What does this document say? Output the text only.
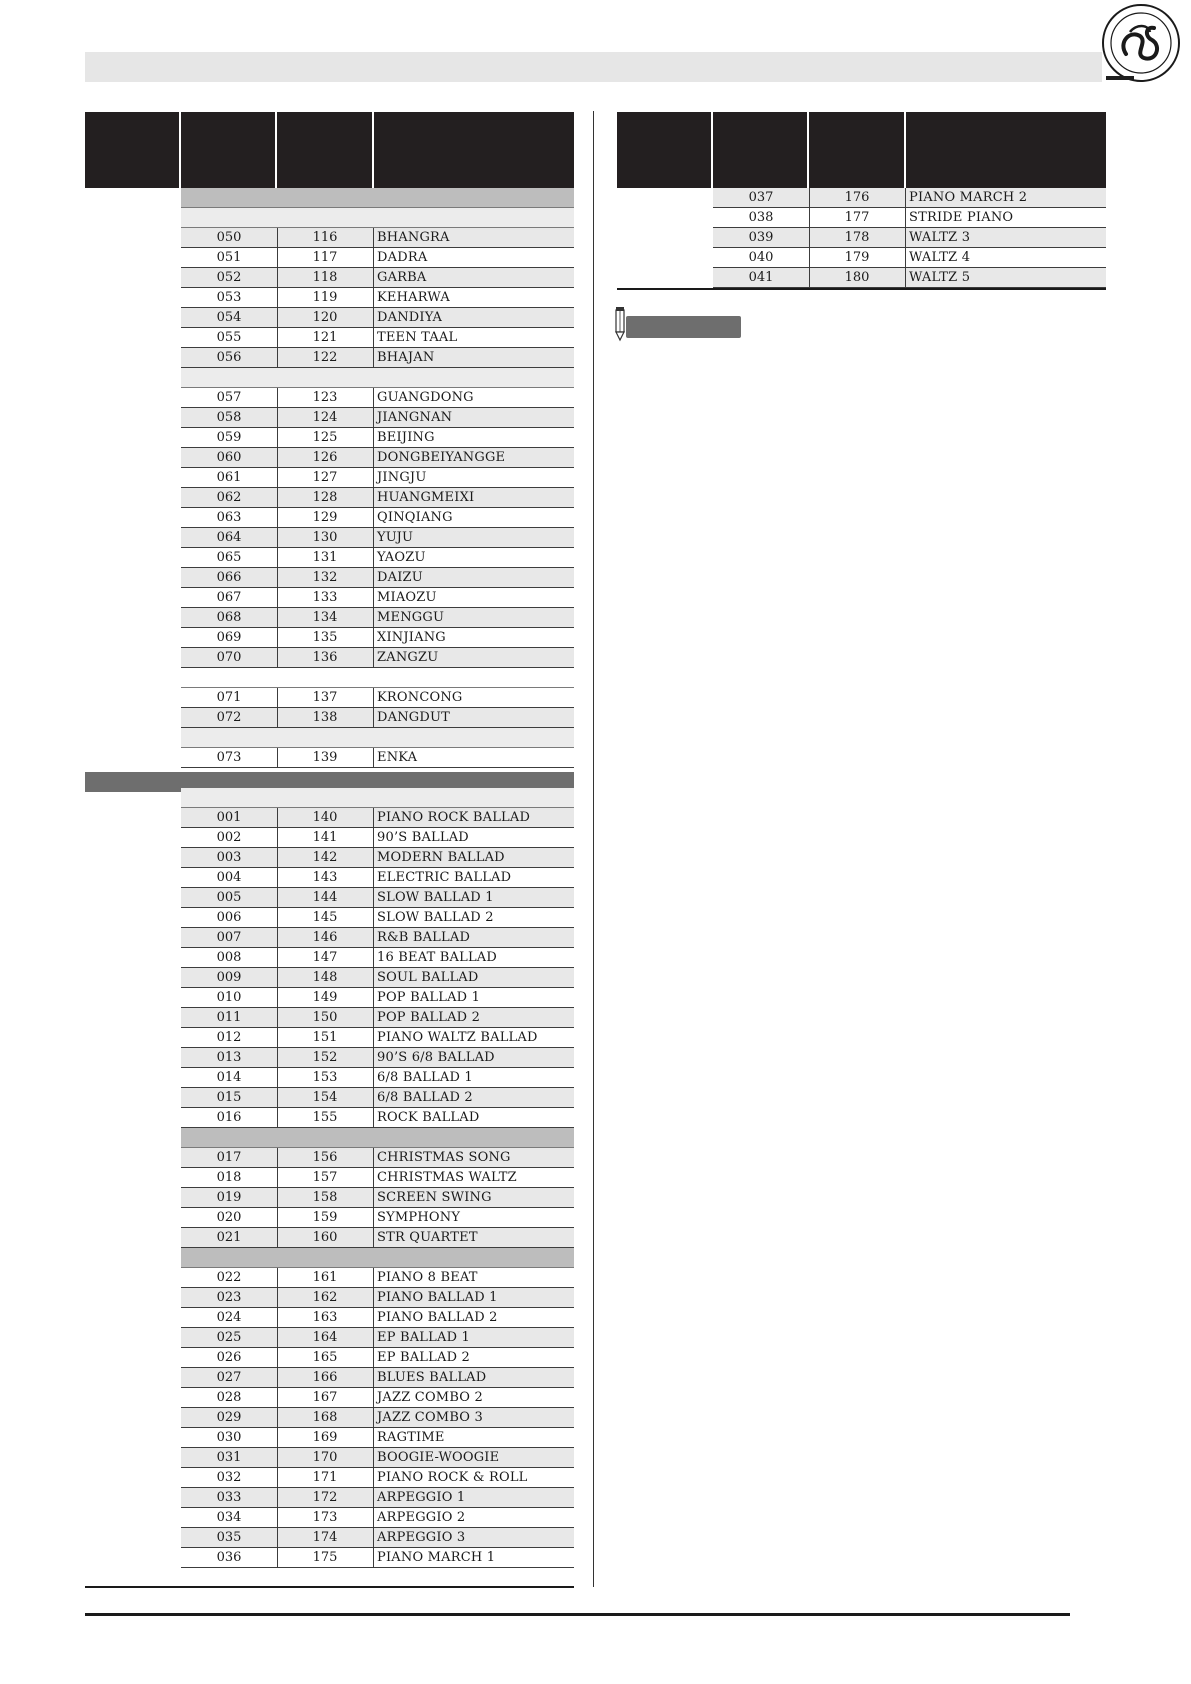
050	116	BHANGRA
051	117	DADRA
052	118	GARBA
053	119	KEHARWA
054	120	DANDIYA
055	121	TEEN TAAL
056	122	BHAJAN
057	123	GUANGDONG
058	124	JIANGNAN
059	125	BEIJING
060	126	DONGBEIYANGGE
061	127	JINGJU
062	128	HUANGMEIXI
063	129	QINQIANG
064	130	YUJU
065	131	YAOZU
066	132	DAIZU
067	133	MIAOZU
068	134	MENGGU
069	135	XINJIANG
070	136	ZANGZU
071	137	KRONCONG
072	138	DANGDUT
073	139	ENKA
001	140	PIANO ROCK BALLAD
002	141	90’S BALLAD
003	142	MODERN BALLAD
004	143	ELECTRIC BALLAD
005	144	SLOW BALLAD 1
006	145	SLOW BALLAD 2
007	146	R&B BALLAD
008	147	16 BEAT BALLAD
009	148	SOUL BALLAD
010	149	POP BALLAD 1
011	150	POP BALLAD 2
012	151	PIANO WALTZ BALLAD
013	152	90’S 6/8 BALLAD
014	153	6/8 BALLAD 1
015	154	6/8 BALLAD 2
016	155	ROCK BALLAD
017	156	CHRISTMAS SONG
018	157	CHRISTMAS WALTZ
019	158	SCREEN SWING
020	159	SYMPHONY
021	160	STR QUARTET
022	161	PIANO 8 BEAT
023	162	PIANO BALLAD 1
024	163	PIANO BALLAD 2
025	164	EP BALLAD 1
026	165	EP BALLAD 2
027	166	BLUES BALLAD
028	167	JAZZ COMBO 2
029	168	JAZZ COMBO 3
030	169	RAGTIME
031	170	BOOGIE-WOOGIE
032	171	PIANO ROCK & ROLL
033	172	ARPEGGIO 1
034	173	ARPEGGIO 2
035	174	ARPEGGIO 3
036	175	PIANO MARCH 1
037	176	PIANO MARCH 2
038	177	STRIDE PIANO
039	178	WALTZ 3
040	179	WALTZ 4
041	180	WALTZ 5
